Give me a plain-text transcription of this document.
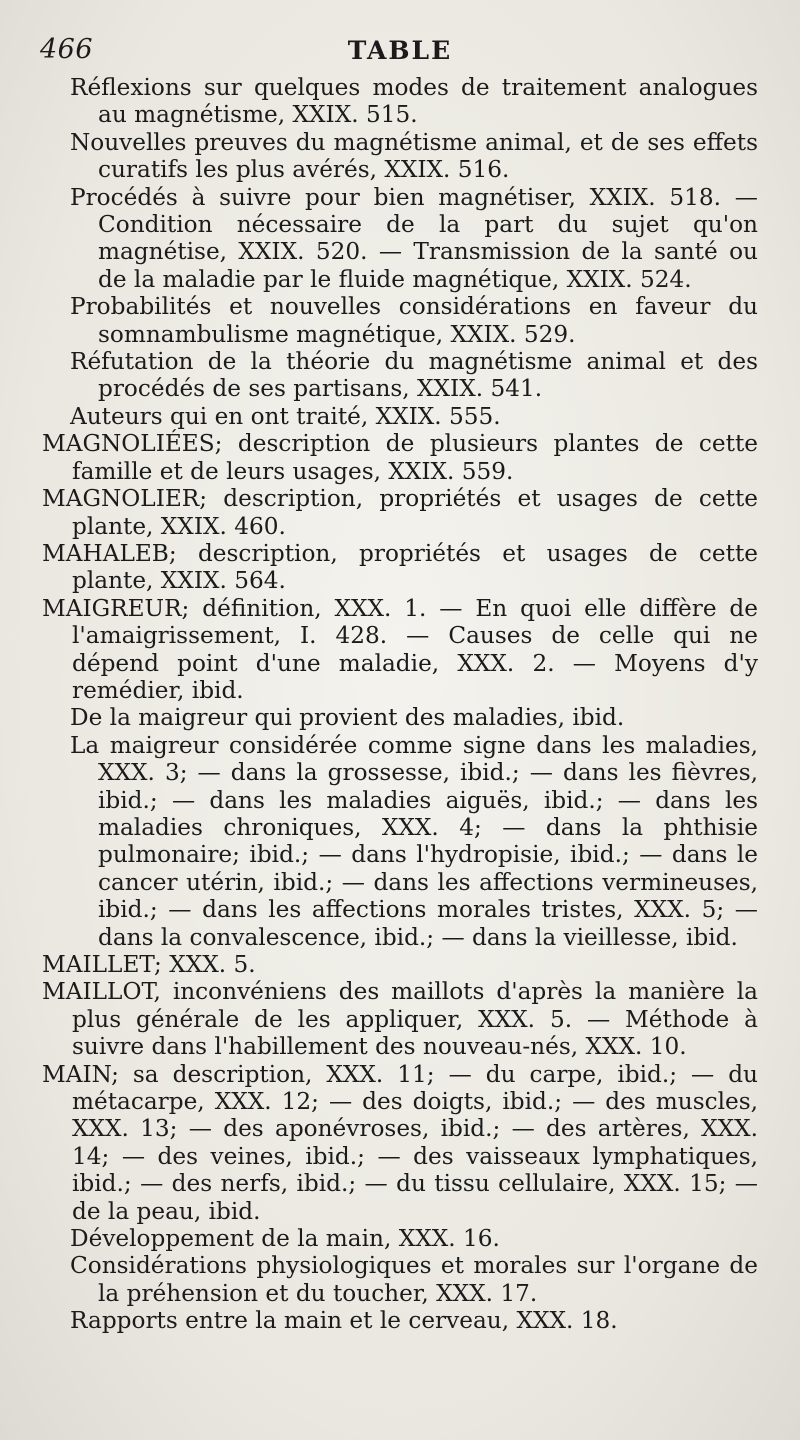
466	TABLE

Réflexions sur quelques modes de traitement analogues au magnétisme, XXIX. 515.

Nouvelles preuves du magnétisme animal, et de ses effets curatifs les plus avérés, XXIX. 516.

Procédés à suivre pour bien magnétiser, XXIX. 518. — Condition nécessaire de la part du sujet qu'on magnétise, XXIX. 520. — Transmission de la santé ou de la maladie par le fluide magnétique, XXIX. 524.

Probabilités et nouvelles considérations en faveur du somnambulisme magnétique, XXIX. 529.

Réfutation de la théorie du magnétisme animal et des procédés de ses partisans, XXIX. 541.

Auteurs qui en ont traité, XXIX. 555.

MAGNOLIÉES; description de plusieurs plantes de cette famille et de leurs usages, XXIX. 559.

MAGNOLIER; description, propriétés et usages de cette plante, XXIX. 460.

MAHALEB; description, propriétés et usages de cette plante, XXIX. 564.

MAIGREUR; définition, XXX. 1. — En quoi elle diffère de l'amaigrissement, I. 428. — Causes de celle qui ne dépend point d'une maladie, XXX. 2. — Moyens d'y remédier, ibid.

De la maigreur qui provient des maladies, ibid.

La maigreur considérée comme signe dans les maladies, XXX. 3; — dans la grossesse, ibid.; — dans les fièvres, ibid.; — dans les maladies aiguës, ibid.; — dans les maladies chroniques, XXX. 4; — dans la phthisie pulmonaire; ibid.; — dans l'hydropisie, ibid.; — dans le cancer utérin, ibid.; — dans les affections vermineuses, ibid.; — dans les affections morales tristes, XXX. 5; — dans la convalescence, ibid.; — dans la vieillesse, ibid.

MAILLET; XXX. 5.

MAILLOT, inconvéniens des maillots d'après la manière la plus générale de les appliquer, XXX. 5. — Méthode à suivre dans l'habillement des nouveau-nés, XXX. 10.

MAIN; sa description, XXX. 11; — du carpe, ibid.; — du métacarpe, XXX. 12; — des doigts, ibid.; — des muscles, XXX. 13; — des aponévroses, ibid.; — des artères, XXX. 14; — des veines, ibid.; — des vaisseaux lymphatiques, ibid.; — des nerfs, ibid.; — du tissu cellulaire, XXX. 15; — de la peau, ibid.

Développement de la main, XXX. 16.

Considérations physiologiques et morales sur l'organe de la préhension et du toucher, XXX. 17.

Rapports entre la main et le cerveau, XXX. 18.
